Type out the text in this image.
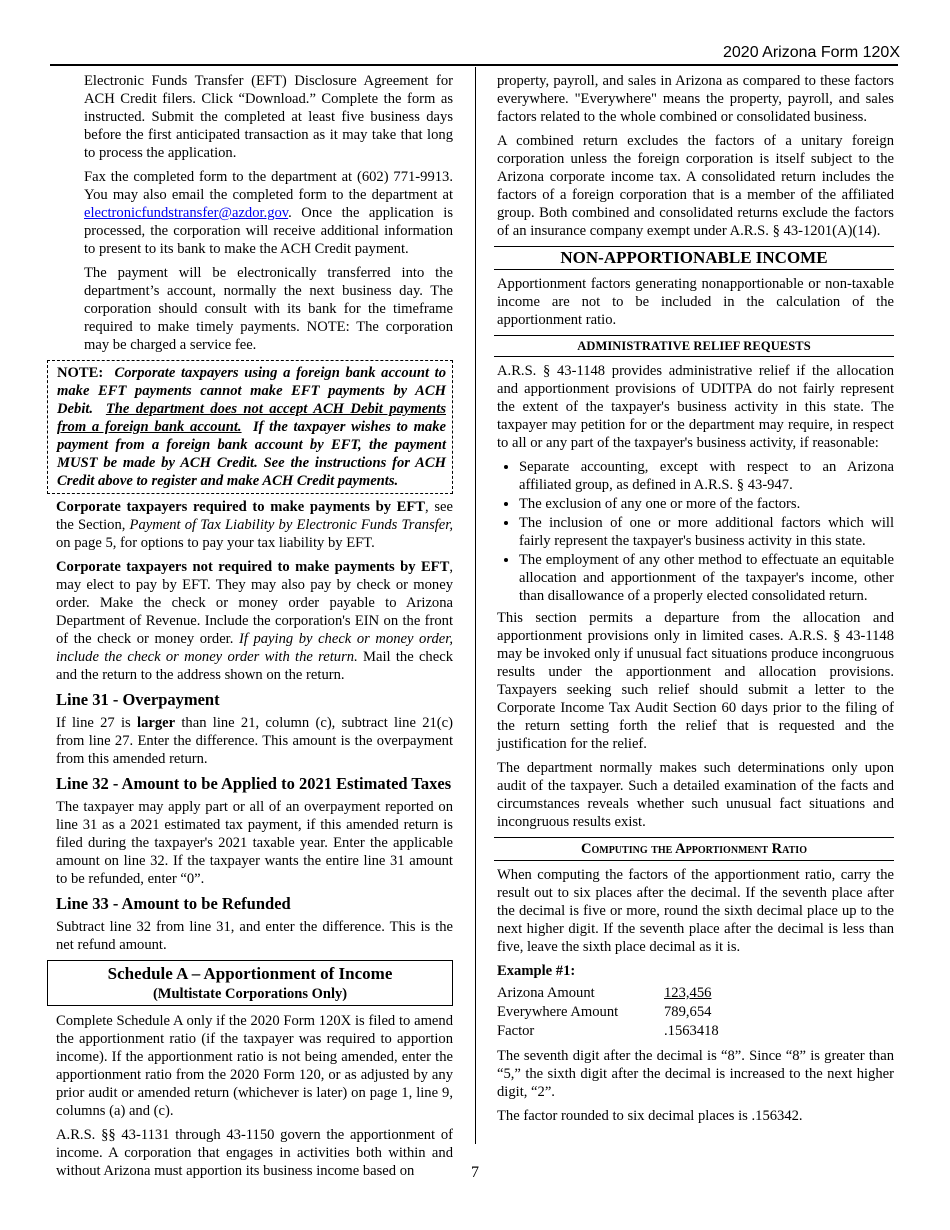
2020 Arizona Form 120X

Electronic Funds Transfer (EFT) Disclosure Agreement for ACH Credit filers. Click “Download.” Complete the form as instructed. Submit the completed at least five business days before the first anticipated transaction as it may take that long to process the application.

Fax the completed form to the department at (602) 771-9913. You may also email the completed form to the department at electronicfundstransfer@azdor.gov. Once the application is processed, the corporation will receive additional information to present to its bank to make the ACH Credit payment.

The payment will be electronically transferred into the department’s account, normally the next business day. The corporation should consult with its bank for the timeframe required to make timely payments. NOTE: The corporation may be charged a service fee.

NOTE: Corporate taxpayers using a foreign bank account to make EFT payments cannot make EFT payments by ACH Debit. The department does not accept ACH Debit payments from a foreign bank account. If the taxpayer wishes to make payment from a foreign bank account by EFT, the payment MUST be made by ACH Credit. See the instructions for ACH Credit above to register and make ACH Credit payments.

Corporate taxpayers required to make payments by EFT, see the Section, Payment of Tax Liability by Electronic Funds Transfer, on page 5, for options to pay your tax liability by EFT.

Corporate taxpayers not required to make payments by EFT, may elect to pay by EFT. They may also pay by check or money order. Make the check or money order payable to Arizona Department of Revenue. Include the corporation's EIN on the front of the check or money order. If paying by check or money order, include the check or money order with the return. Mail the check and the return to the address shown on the return.

Line 31 - Overpayment

If line 27 is larger than line 21, column (c), subtract line 21(c) from line 27. Enter the difference. This amount is the overpayment from this amended return.

Line 32 - Amount to be Applied to 2021 Estimated Taxes

The taxpayer may apply part or all of an overpayment reported on line 31 as a 2021 estimated tax payment, if this amended return is filed during the taxpayer's 2021 taxable year. Enter the applicable amount on line 32. If the taxpayer wants the entire line 31 amount to be refunded, enter “0”.

Line 33 - Amount to be Refunded

Subtract line 32 from line 31, and enter the difference. This is the net refund amount.

Schedule A – Apportionment of Income
(Multistate Corporations Only)

Complete Schedule A only if the 2020 Form 120X is filed to amend the apportionment ratio (if the taxpayer was required to apportion income). If the apportionment ratio is not being amended, enter the apportionment ratio from the 2020 Form 120, or as adjusted by any prior audit or amended return (whichever is later) on page 1, line 9, columns (a) and (c).

A.R.S. §§ 43-1131 through 43-1150 govern the apportionment of income. A corporation that engages in activities both within and without Arizona must apportion its business income based on

property, payroll, and sales in Arizona as compared to these factors everywhere. "Everywhere" means the property, payroll, and sales factors related to the whole combined or consolidated business.

A combined return excludes the factors of a unitary foreign corporation unless the foreign corporation is itself subject to the Arizona corporate income tax. A consolidated return includes the factors of a foreign corporation that is a member of the affiliated group. Both combined and consolidated returns exclude the factors of an insurance company exempt under A.R.S. § 43-1201(A)(14).

NON-APPORTIONABLE INCOME

Apportionment factors generating nonapportionable or non-taxable income are not to be included in the calculation of the apportionment ratio.

ADMINISTRATIVE RELIEF REQUESTS

A.R.S. § 43-1148 provides administrative relief if the allocation and apportionment provisions of UDITPA do not fairly represent the extent of the taxpayer's business activity in this state. The taxpayer may petition for or the department may require, in respect to all or any part of the taxpayer's business activity, if reasonable:

• Separate accounting, except with respect to an Arizona affiliated group, as defined in A.R.S. § 43-947.
• The exclusion of any one or more of the factors.
• The inclusion of one or more additional factors which will fairly represent the taxpayer's business activity in this state.
• The employment of any other method to effectuate an equitable allocation and apportionment of the taxpayer's income, other than disallowance of a properly elected consolidated return.

This section permits a departure from the allocation and apportionment provisions only in limited cases. A.R.S. § 43-1148 may be invoked only if unusual fact situations produce incongruous results under the apportionment and allocation provisions. Taxpayers seeking such relief should submit a letter to the Corporate Income Tax Audit Section 60 days prior to the filing of the return setting forth the relief that is requested and the justification for the relief.

The department normally makes such determinations only upon audit of the taxpayer. Such a detailed examination of the facts and circumstances reveals whether such unusual fact situations and incongruous results exist.

Computing the Apportionment Ratio

When computing the factors of the apportionment ratio, carry the result out to six places after the decimal. If the seventh place after the decimal is five or more, round the sixth decimal place up to the next higher digit. If the seventh place after the decimal is less than five, leave the sixth place decimal as it is.

Example #1:
Arizona Amount	123,456
Everywhere Amount	789,654
Factor	.1563418

The seventh digit after the decimal is “8”. Since “8” is greater than “5,” the sixth digit after the decimal is increased to the next higher digit, “2”.

The factor rounded to six decimal places is .156342.

7
